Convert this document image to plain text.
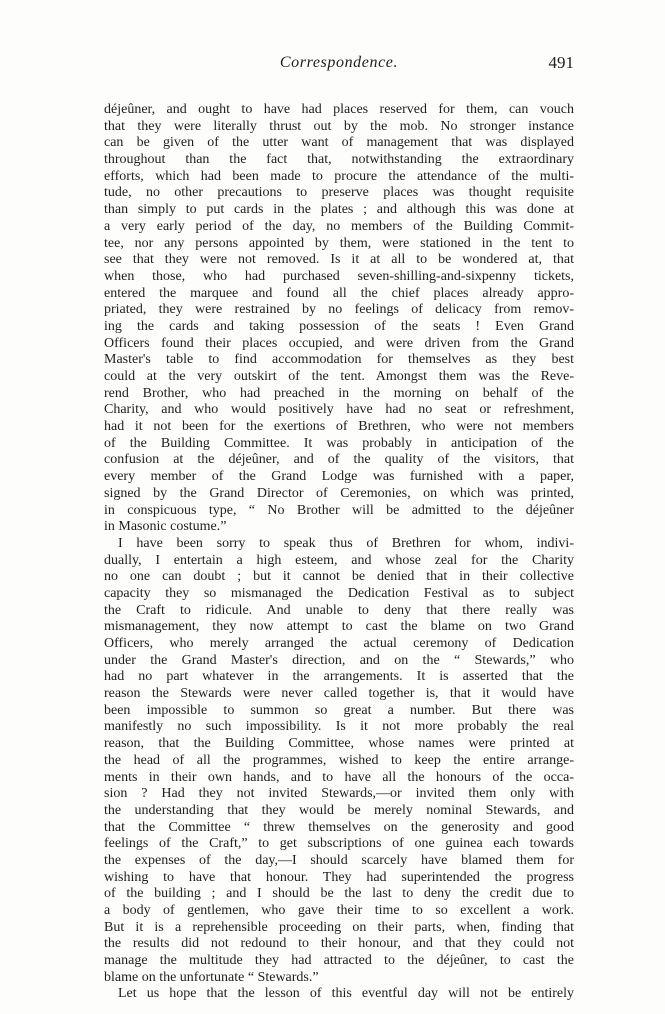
Correspondence.	491
déjeûner, and ought to have had places reserved for them, can vouch
that they were literally thrust out by the mob. No stronger instance
can be given of the utter want of management that was displayed
throughout than the fact that, notwithstanding the extraordinary
efforts, which had been made to procure the attendance of the multi-
tude, no other precautions to preserve places was thought requisite
than simply to put cards in the plates ; and although this was done at
a very early period of the day, no members of the Building Commit-
tee, nor any persons appointed by them, were stationed in the tent to
see that they were not removed. Is it at all to be wondered at, that
when those, who had purchased seven-shilling-and-sixpenny tickets,
entered the marquee and found all the chief places already appro-
priated, they were restrained by no feelings of delicacy from remov-
ing the cards and taking possession of the seats ! Even Grand
Officers found their places occupied, and were driven from the Grand
Master's table to find accommodation for themselves as they best
could at the very outskirt of the tent. Amongst them was the Reve-
rend Brother, who had preached in the morning on behalf of the
Charity, and who would positively have had no seat or refreshment,
had it not been for the exertions of Brethren, who were not members
of the Building Committee. It was probably in anticipation of the
confusion at the déjeûner, and of the quality of the visitors, that
every member of the Grand Lodge was furnished with a paper,
signed by the Grand Director of Ceremonies, on which was printed,
in conspicuous type, “ No Brother will be admitted to the déjeûner
in Masonic costume.”
I have been sorry to speak thus of Brethren for whom, indivi-
dually, I entertain a high esteem, and whose zeal for the Charity
no one can doubt ; but it cannot be denied that in their collective
capacity they so mismanaged the Dedication Festival as to subject
the Craft to ridicule. And unable to deny that there really was
mismanagement, they now attempt to cast the blame on two Grand
Officers, who merely arranged the actual ceremony of Dedication
under the Grand Master's direction, and on the “ Stewards,” who
had no part whatever in the arrangements. It is asserted that the
reason the Stewards were never called together is, that it would have
been impossible to summon so great a number. But there was
manifestly no such impossibility. Is it not more probably the real
reason, that the Building Committee, whose names were printed at
the head of all the programmes, wished to keep the entire arrange-
ments in their own hands, and to have all the honours of the occa-
sion ? Had they not invited Stewards,—or invited them only with
the understanding that they would be merely nominal Stewards, and
that the Committee “ threw themselves on the generosity and good
feelings of the Craft,” to get subscriptions of one guinea each towards
the expenses of the day,—I should scarcely have blamed them for
wishing to have that honour. They had superintended the progress
of the building ; and I should be the last to deny the credit due to
a body of gentlemen, who gave their time to so excellent a work.
But it is a reprehensible proceeding on their parts, when, finding that
the results did not redound to their honour, and that they could not
manage the multitude they had attracted to the déjeûner, to cast the
blame on the unfortunate “ Stewards.”
Let us hope that the lesson of this eventful day will not be entirely
